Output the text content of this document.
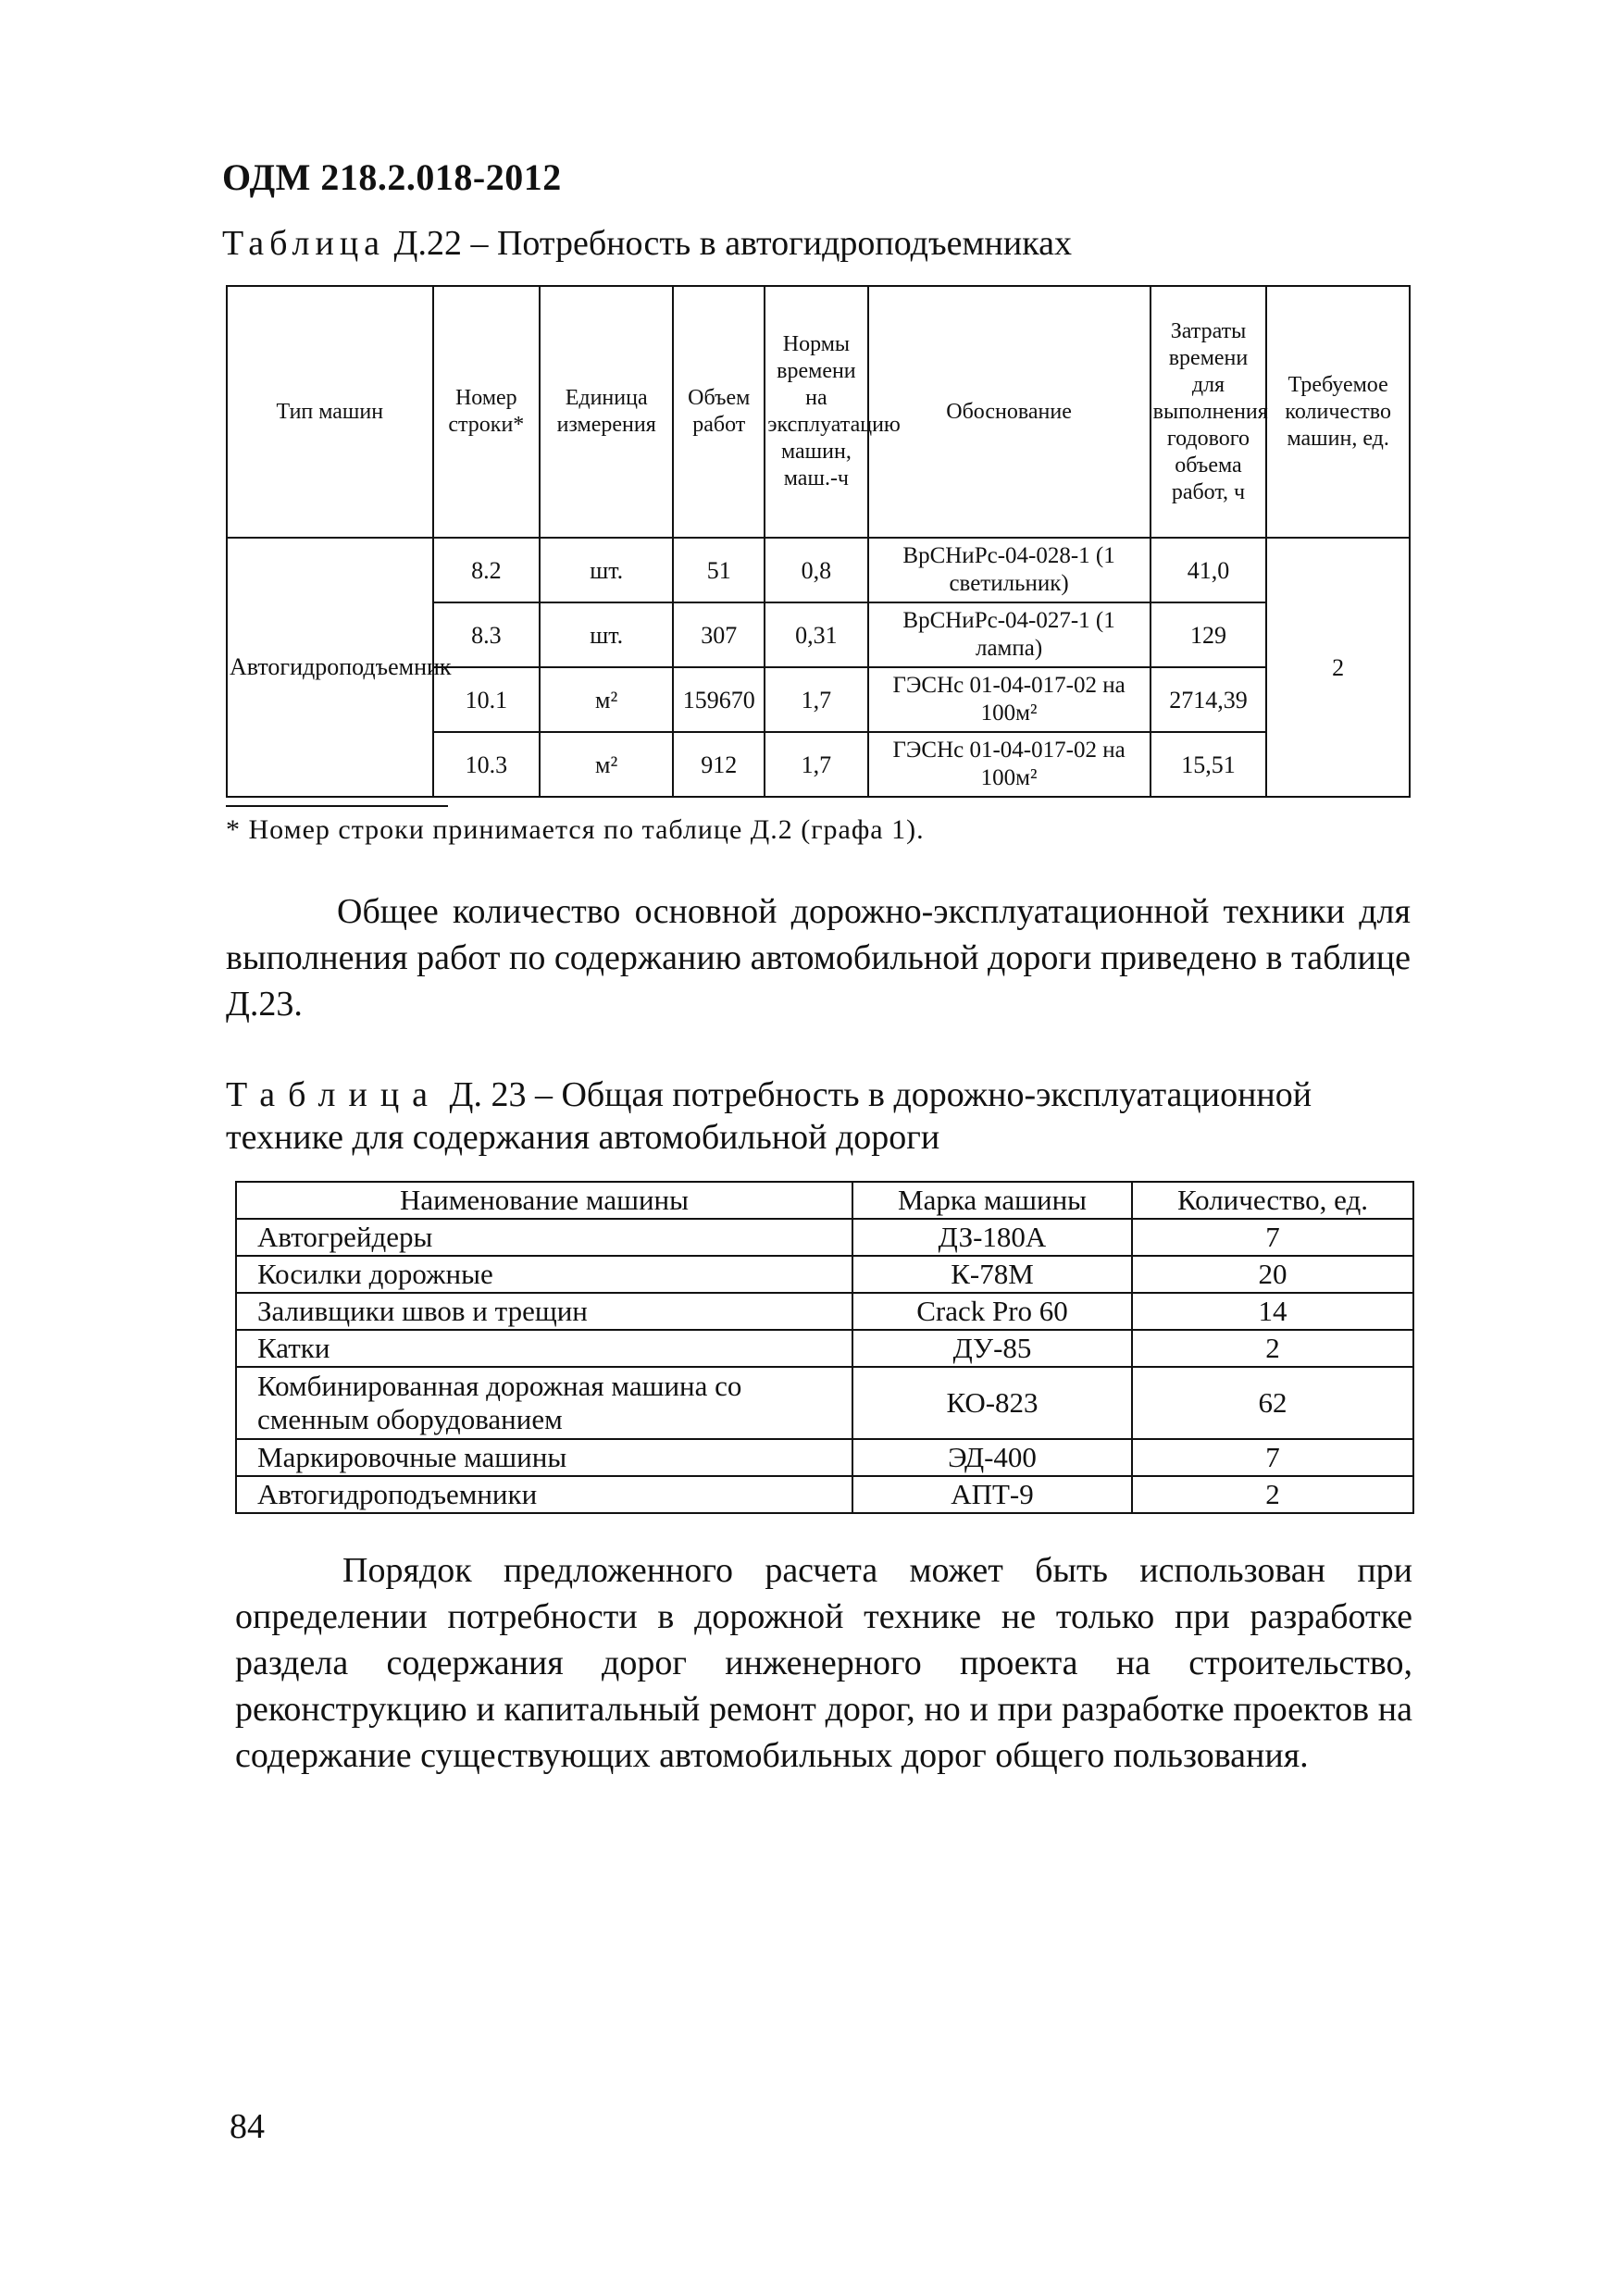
ОДМ 218.2.018-2012
Таблица Д.22 – Потребность в автогидроподъемниках
Тип машин	Номер строки*	Единица измерения	Объем работ	Нормы времени на эксплуатацию машин, маш.-ч	Обоснование	Затраты времени для выполнения годового объема работ, ч	Требуемое количество машин, ед.
Автогидроподъемник	8.2	шт.	51	0,8	ВрСНиРс-04-028-1 (1 светильник)	41,0	2
	8.3	шт.	307	0,31	ВрСНиРс-04-027-1 (1 лампа)	129	
	10.1	м²	159670	1,7	ГЭСНс 01-04-017-02 на 100м²	2714,39	
	10.3	м²	912	1,7	ГЭСНс 01-04-017-02 на 100м²	15,51	
* Номер строки принимается по таблице Д.2 (графа 1).
Общее количество основной дорожно-эксплуатационной техники для выполнения работ по содержанию автомобильной дороги приведено в таблице Д.23.
Таблица Д. 23 – Общая потребность в дорожно-эксплуатационной технике для содержания автомобильной дороги
Наименование машины	Марка машины	Количество, ед.
Автогрейдеры	ДЗ-180А	7
Косилки дорожные	К-78М	20
Заливщики швов и трещин	Crack Pro 60	14
Катки	ДУ-85	2
Комбинированная дорожная машина со сменным оборудованием	КО-823	62
Маркировочные машины	ЭД-400	7
Автогидроподъемники	АПТ-9	2
Порядок предложенного расчета может быть использован при определении потребности в дорожной технике не только при разработке раздела содержания дорог инженерного проекта на строительство, реконструкцию и капитальный ремонт дорог, но и при разработке проектов на содержание существующих автомобильных дорог общего пользования.
84
